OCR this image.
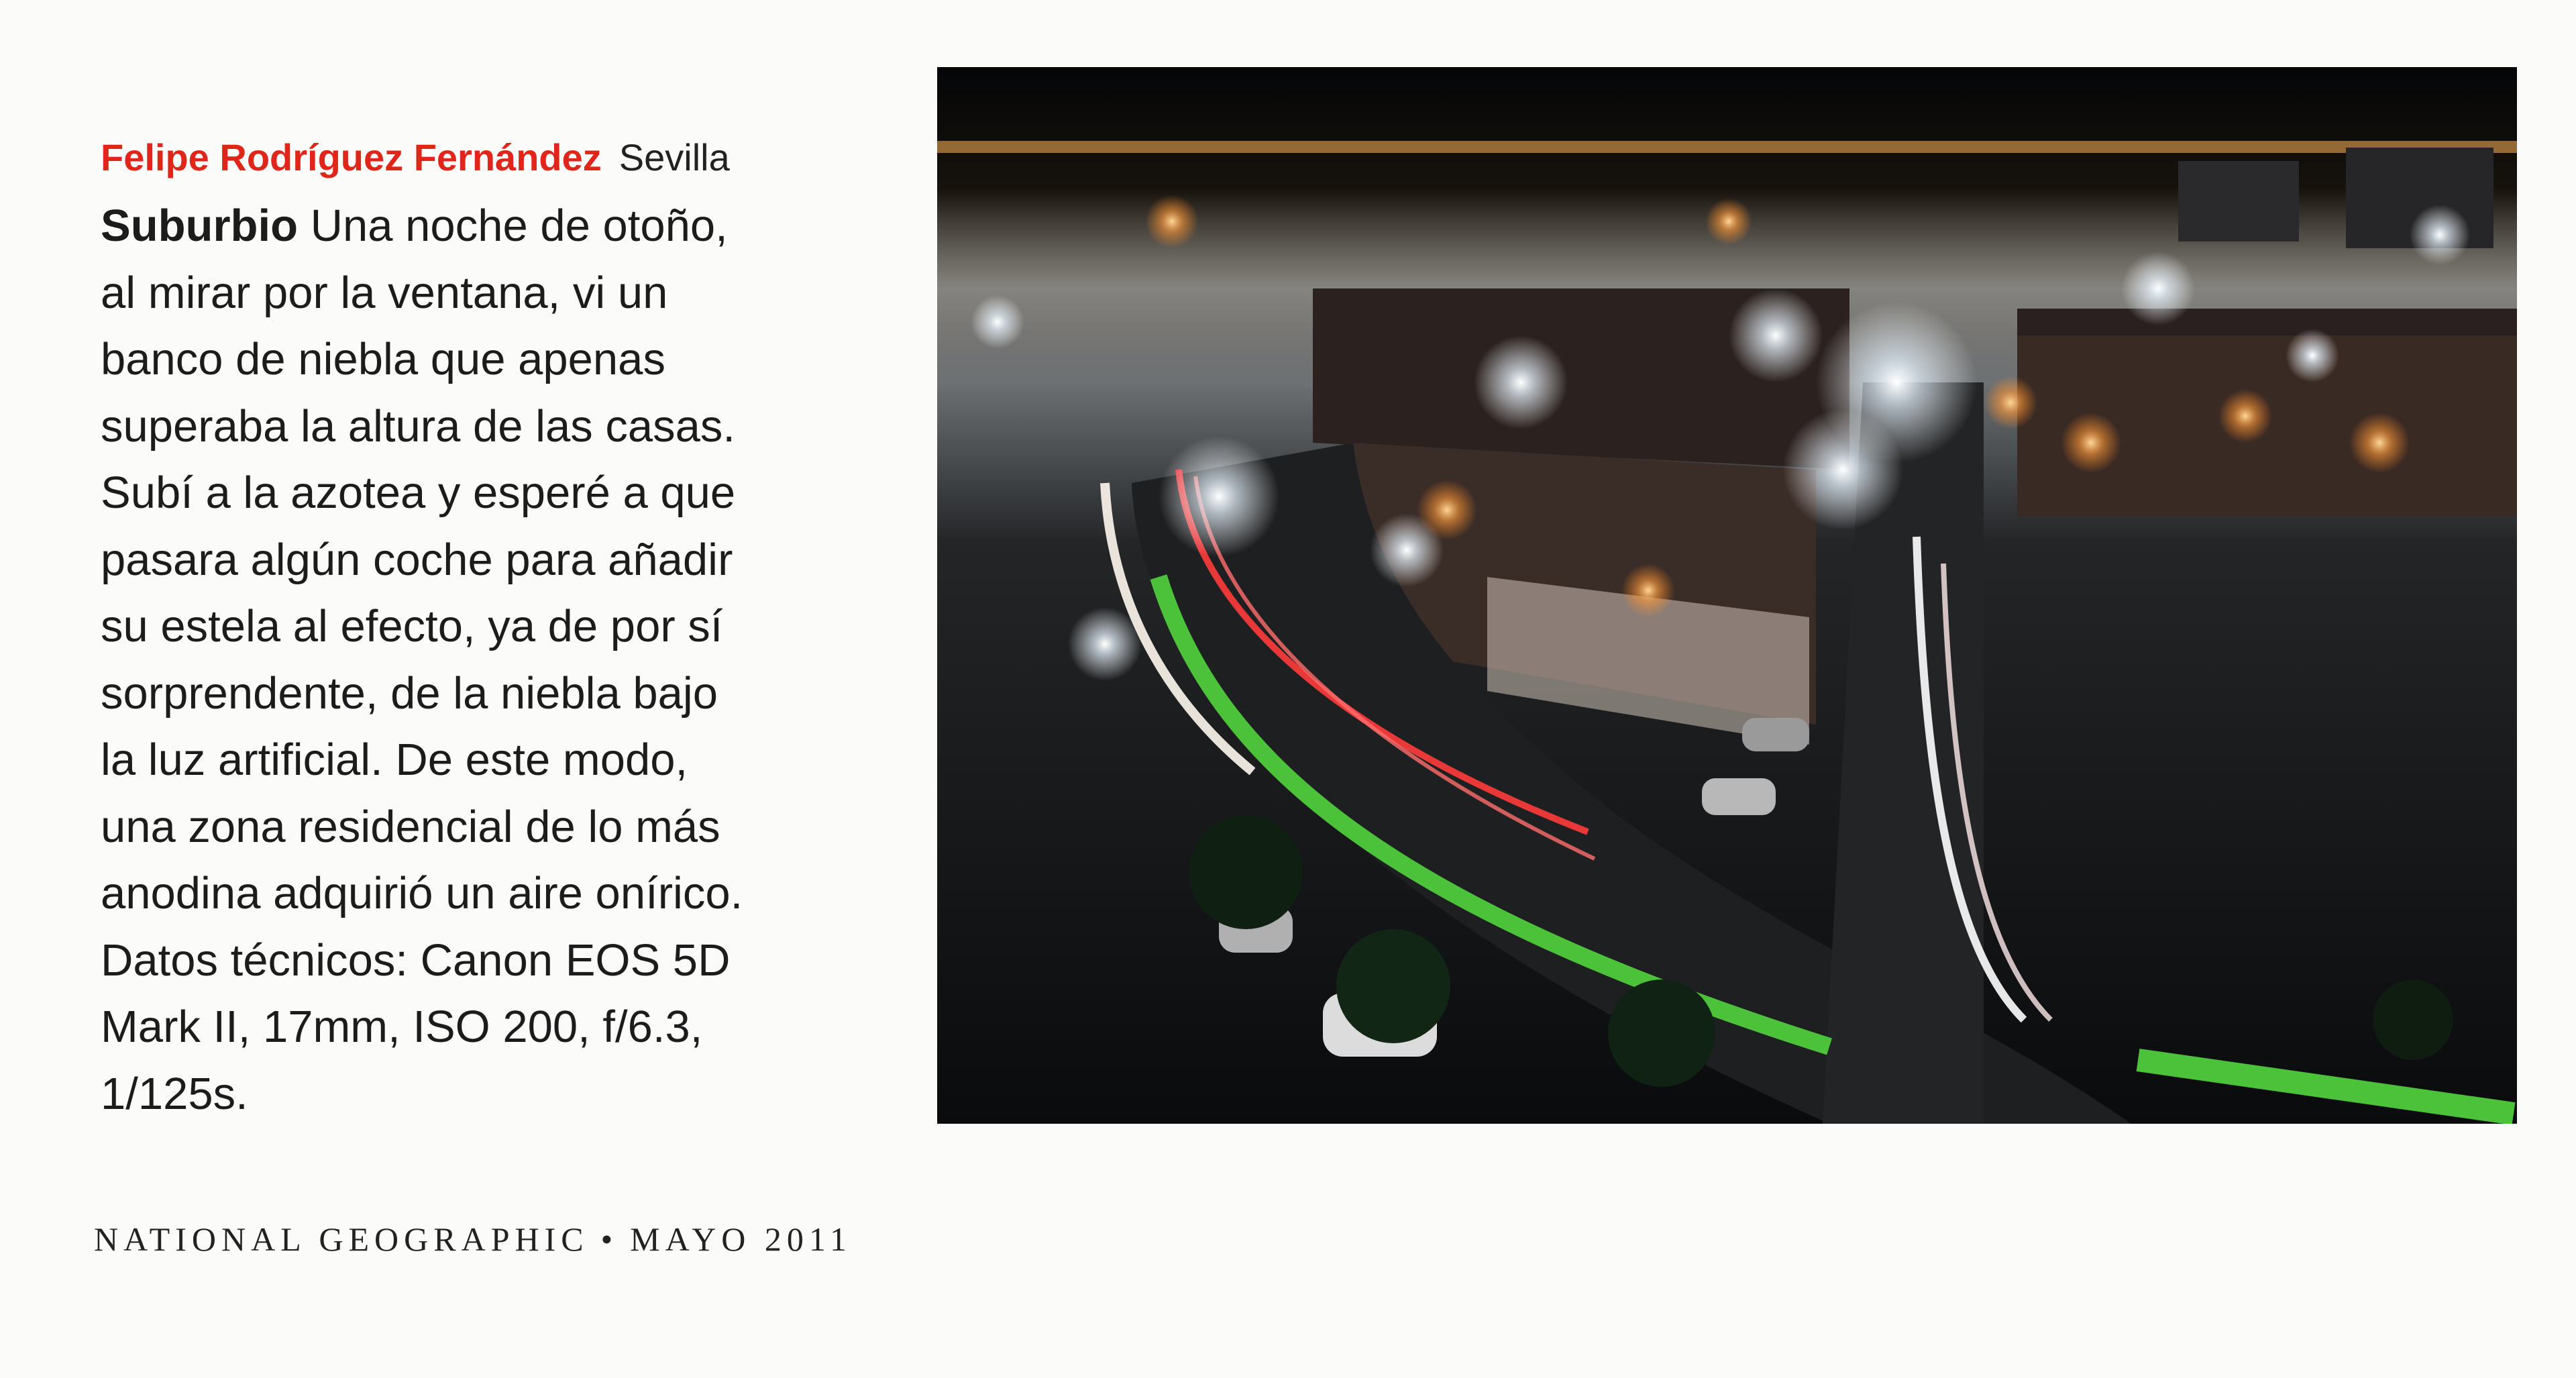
Felipe Rodríguez Fernández Sevilla
Suburbio Una noche de otoño,
al mirar por la ventana, vi un
banco de niebla que apenas
superaba la altura de las casas.
Subí a la azotea y esperé a que
pasara algún coche para añadir
su estela al efecto, ya de por sí
sorprendente, de la niebla bajo
la luz artificial. De este modo,
una zona residencial de lo más
anodina adquirió un aire onírico.
Datos técnicos: Canon EOS 5D
Mark II, 17mm, ISO 200, f/6.3,
1/125s.
NATIONAL GEOGRAPHIC • MAYO 2011
